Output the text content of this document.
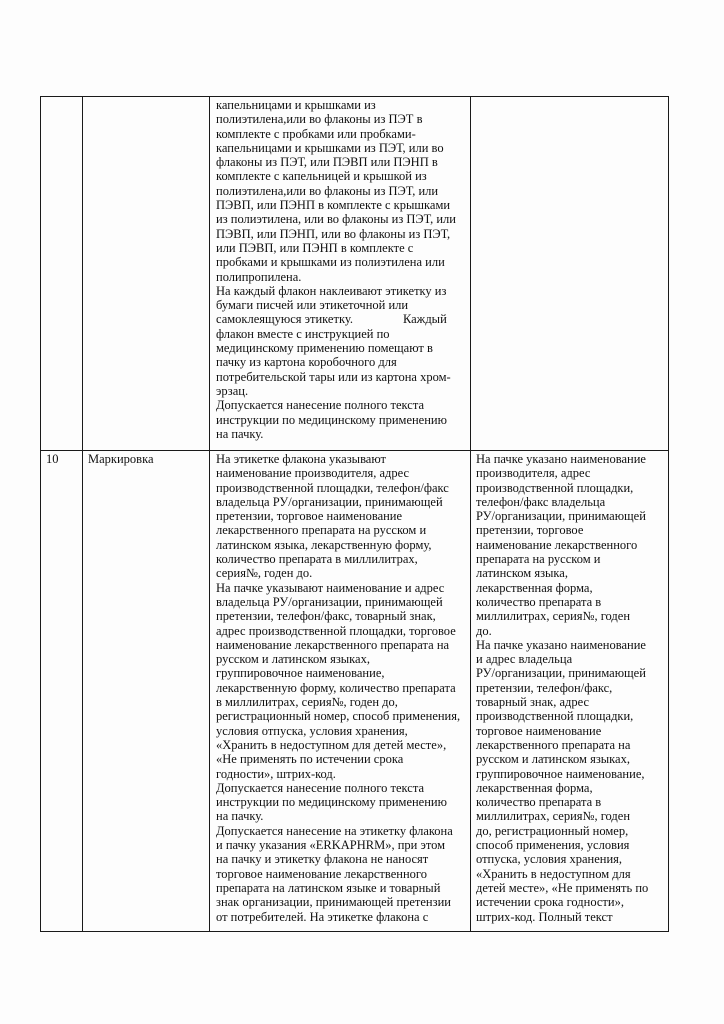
капельницами и крышками из
полиэтилена,или во флаконы из ПЭТ в
комплекте с пробками или пробками-
капельницами и крышками из ПЭТ, или во
флаконы из ПЭТ, или ПЭВП или ПЭНП в
комплекте с капельницей и крышкой из
полиэтилена,или во флаконы из ПЭТ, или
ПЭВП, или ПЭНП в комплекте с крышками
из полиэтилена, или во флаконы из ПЭТ, или
ПЭВП, или ПЭНП, или во флаконы из ПЭТ,
или ПЭВП, или ПЭНП в комплекте с
пробками и крышками из полиэтилена или
полипропилена.
На каждый флакон наклеивают этикетку из
бумаги писчей или этикеточной или
самоклеящуюся этикетку.                Каждый
флакон вместе с инструкцией по
медицинскому применению помещают в
пачку из картона коробочного для
потребительской тары или из картона хром-
эрзац.
Допускается нанесение полного текста
инструкции по медицинскому применению
на пачку.

10	Маркировка	На этикетке флакона указывают
наименование производителя, адрес
производственной площадки, телефон/факс
владельца РУ/организации, принимающей
претензии, торговое наименование
лекарственного препарата на русском и
латинском языка, лекарственную форму,
количество препарата в миллилитрах,
серия№, годен до.
На пачке указывают наименование и адрес
владельца РУ/организации, принимающей
претензии, телефон/факс, товарный знак,
адрес производственной площадки, торговое
наименование лекарственного препарата на
русском и латинском языках,
группировочное наименование,
лекарственную форму, количество препарата
в миллилитрах, серия№, годен до,
регистрационный номер, способ применения,
условия отпуска, условия хранения,
«Хранить в недоступном для детей месте»,
«Не применять по истечении срока
годности», штрих-код.
Допускается нанесение полного текста
инструкции по медицинскому применению
на пачку.
Допускается нанесение на этикетку флакона
и пачку указания «ERKAPHRM», при этом
на пачку и этикетку флакона не наносят
торговое наименование лекарственного
препарата на латинском языке и товарный
знак организации, принимающей претензии
от потребителей. На этикетке флакона с

На пачке указано наименование
производителя, адрес
производственной площадки,
телефон/факс владельца
РУ/организации, принимающей
претензии, торговое
наименование лекарственного
препарата на русском и
латинском языка,
лекарственная форма,
количество препарата в
миллилитрах, серия№, годен
до.
На пачке указано наименование
и адрес владельца
РУ/организации, принимающей
претензии, телефон/факс,
товарный знак, адрес
производственной площадки,
торговое наименование
лекарственного препарата на
русском и латинском языках,
группировочное наименование,
лекарственная форма,
количество препарата в
миллилитрах, серия№, годен
до, регистрационный номер,
способ применения, условия
отпуска, условия хранения,
«Хранить в недоступном для
детей месте», «Не применять по
истечении срока годности»,
штрих-код. Полный текст
